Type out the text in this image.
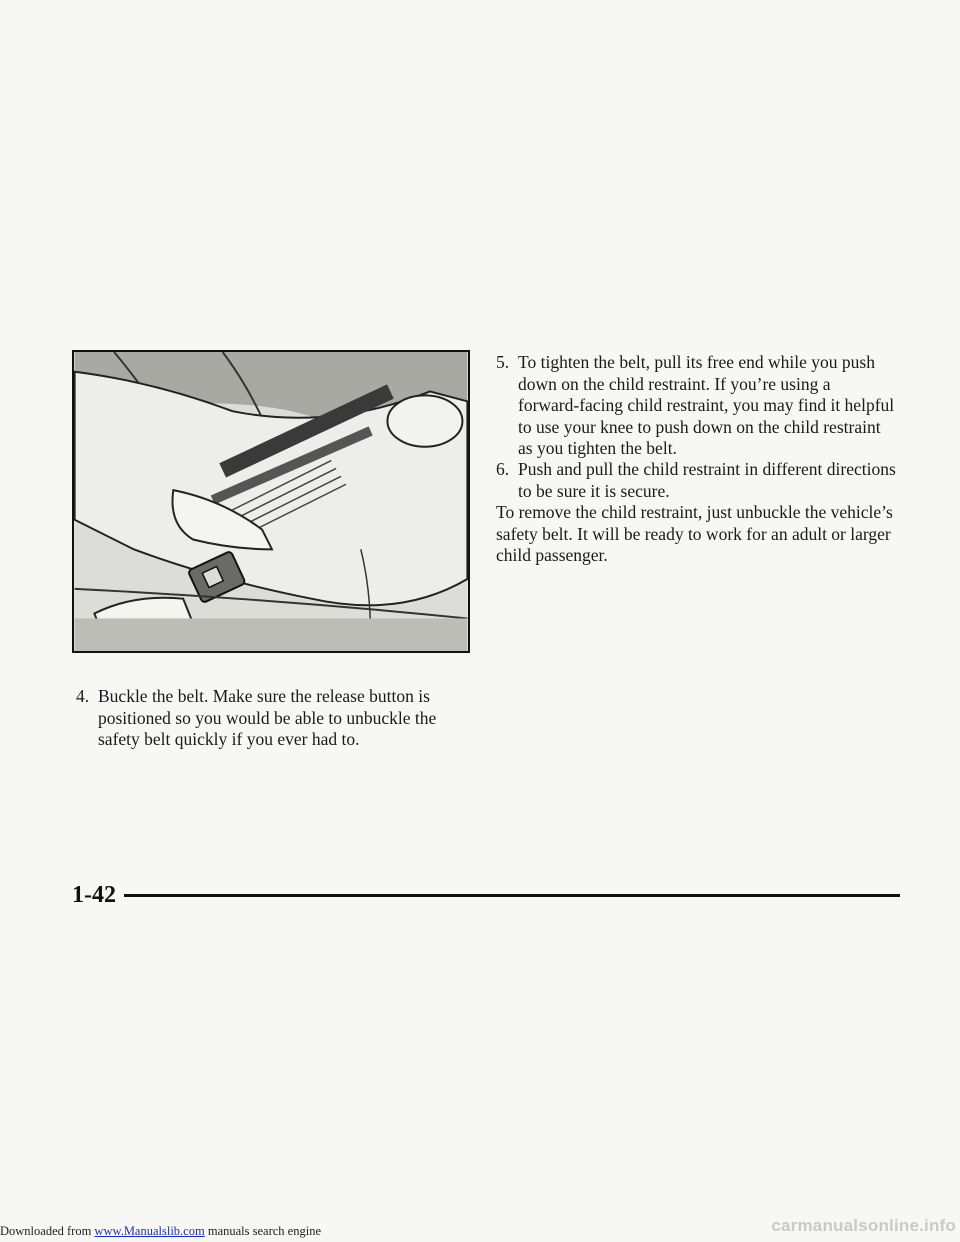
4. Buckle the belt. Make sure the release button is positioned so you would be able to unbuckle the safety belt quickly if you ever had to.
5. To tighten the belt, pull its free end while you push down on the child restraint. If you’re using a forward-facing child restraint, you may find it helpful to use your knee to push down on the child restraint as you tighten the belt.
6. Push and pull the child restraint in different directions to be sure it is secure.
To remove the child restraint, just unbuckle the vehicle’s safety belt. It will be ready to work for an adult or larger child passenger.
1-42
Downloaded from www.Manualslib.com manuals search engine	carmanualsonline.info
